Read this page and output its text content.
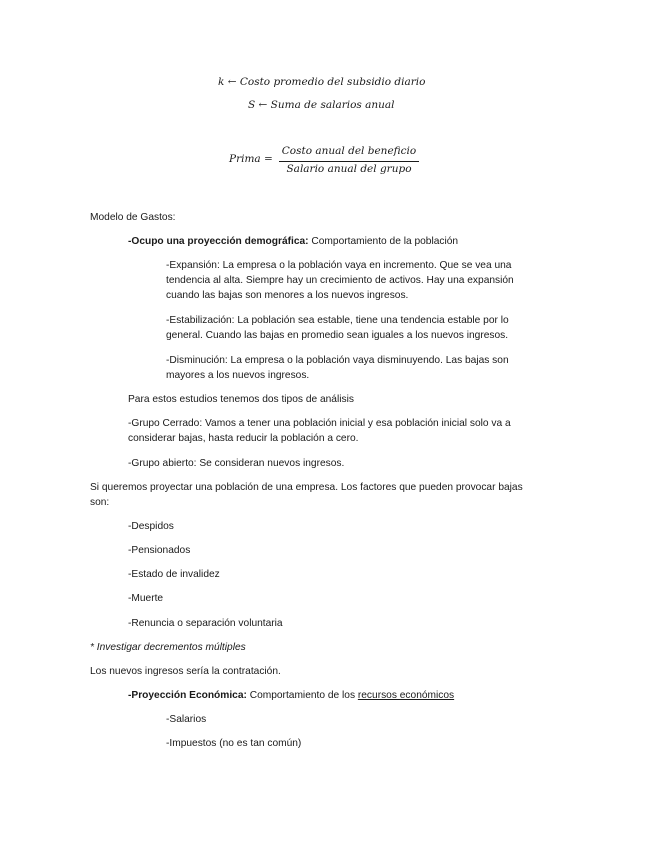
k ← Costo promedio del subsidio diario
S ← Suma de salarios anual
Prima =
Costo anual del beneficio
Salario anual del grupo
Modelo de Gastos:
-Ocupo una proyección demográfica: Comportamiento de la población
-Expansión: La empresa o la población vaya en incremento. Que se vea una
tendencia al alta. Siempre hay un crecimiento de activos. Hay una expansión
cuando las bajas son menores a los nuevos ingresos.
-Estabilización: La población sea estable, tiene una tendencia estable por lo
general. Cuando las bajas en promedio sean iguales a los nuevos ingresos.
-Disminución: La empresa o la población vaya disminuyendo. Las bajas son
mayores a los nuevos ingresos.
Para estos estudios tenemos dos tipos de análisis
-Grupo Cerrado: Vamos a tener una población inicial y esa población inicial solo va a
considerar bajas, hasta reducir la población a cero.
-Grupo abierto: Se consideran nuevos ingresos.
Si queremos proyectar una población de una empresa. Los factores que pueden provocar bajas
son:
-Despidos
-Pensionados
-Estado de invalidez
-Muerte
-Renuncia o separación voluntaria
* Investigar decrementos múltiples
Los nuevos ingresos sería la contratación.
-Proyección Económica: Comportamiento de los recursos económicos
-Salarios
-Impuestos (no es tan común)
